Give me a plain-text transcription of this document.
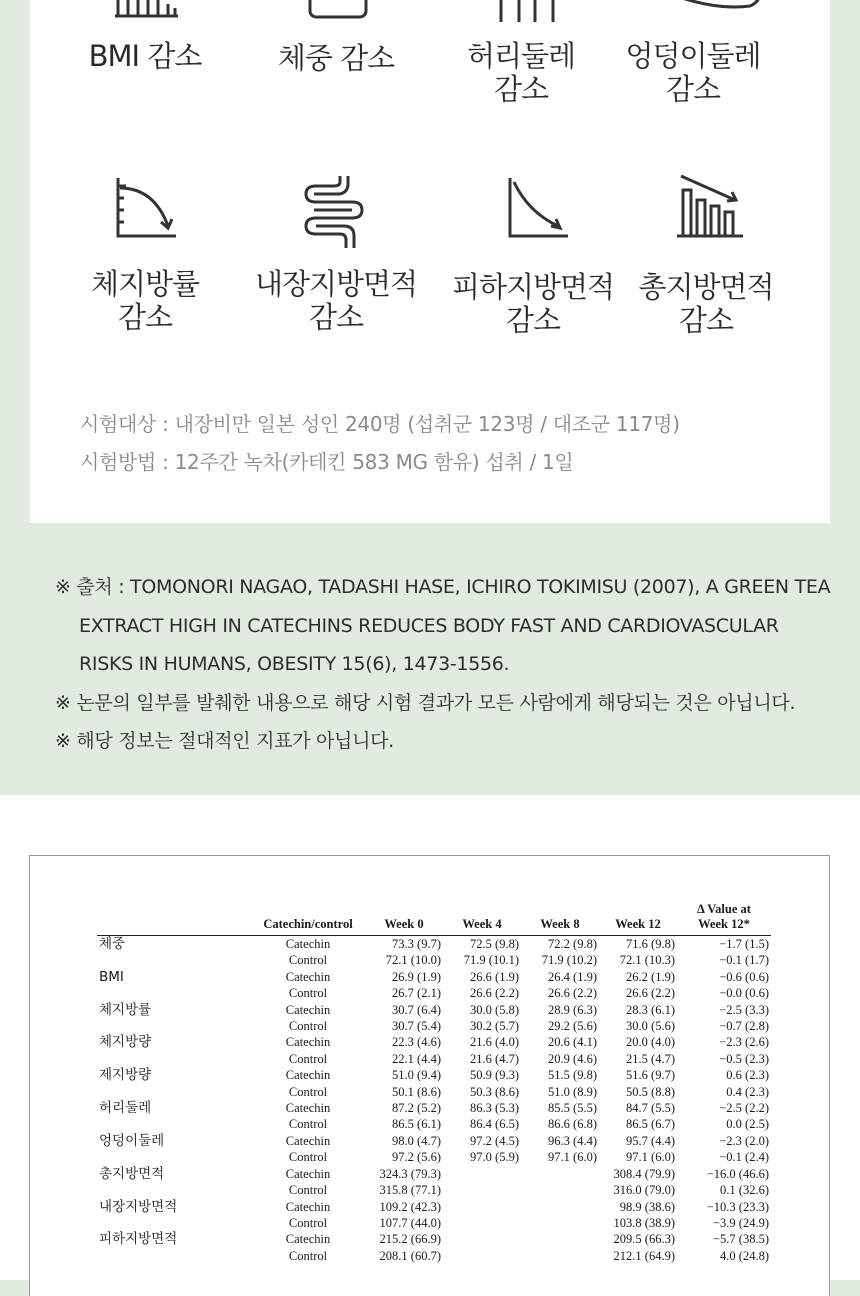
BMI 감소	체중 감소	허리둘레
감소
엉덩이둘레
감소
체지방률
감소
내장지방면적
감소
피하지방면적
감소
총지방면적
감소
시험대상 : 내장비만 일본 성인 240명 (섭취군 123명 / 대조군 117명)
시험방법 : 12주간 녹차(카테킨 583 MG 함유) 섭취 / 1일
※ 출처 : TOMONORI NAGAO, TADASHI HASE, ICHIRO TOKIMISU (2007), A GREEN TEA EXTRACT HIGH IN CATECHINS REDUCES BODY FAST AND CARDIOVASCULAR RISKS IN HUMANS, OBESITY 15(6), 1473-1556.
※ 논문의 일부를 발췌한 내용으로 해당 시험 결과가 모든 사람에게 해당되는 것은 아닙니다.
※ 해당 정보는 절대적인 지표가 아닙니다.
	Catechin/control	Week 0	Week 4	Week 8	Week 12	Δ Value at
Week 12*
체중	Catechin	73.3 (9.7)	72.5 (9.8)	72.2 (9.8)	71.6 (9.8)	−1.7 (1.5)
	Control	72.1 (10.0)	71.9 (10.1)	71.9 (10.2)	72.1 (10.3)	−0.1 (1.7)
BMI	Catechin	26.9 (1.9)	26.6 (1.9)	26.4 (1.9)	26.2 (1.9)	−0.6 (0.6)
	Control	26.7 (2.1)	26.6 (2.2)	26.6 (2.2)	26.6 (2.2)	−0.0 (0.6)
체지방률	Catechin	30.7 (6.4)	30.0 (5.8)	28.9 (6.3)	28.3 (6.1)	−2.5 (3.3)
	Control	30.7 (5.4)	30.2 (5.7)	29.2 (5.6)	30.0 (5.6)	−0.7 (2.8)
체지방량	Catechin	22.3 (4.6)	21.6 (4.0)	20.6 (4.1)	20.0 (4.0)	−2.3 (2.6)
	Control	22.1 (4.4)	21.6 (4.7)	20.9 (4.6)	21.5 (4.7)	−0.5 (2.3)
제지방량	Catechin	51.0 (9.4)	50.9 (9.3)	51.5 (9.8)	51.6 (9.7)	0.6 (2.3)
	Control	50.1 (8.6)	50.3 (8.6)	51.0 (8.9)	50.5 (8.8)	0.4 (2.3)
허리둘레	Catechin	87.2 (5.2)	86.3 (5.3)	85.5 (5.5)	84.7 (5.5)	−2.5 (2.2)
	Control	86.5 (6.1)	86.4 (6.5)	86.6 (6.8)	86.5 (6.7)	0.0 (2.5)
엉덩이둘레	Catechin	98.0 (4.7)	97.2 (4.5)	96.3 (4.4)	95.7 (4.4)	−2.3 (2.0)
	Control	97.2 (5.6)	97.0 (5.9)	97.1 (6.0)	97.1 (6.0)	−0.1 (2.4)
총지방면적	Catechin	324.3 (79.3)			308.4 (79.9)	−16.0 (46.6)
	Control	315.8 (77.1)			316.0 (79.0)	0.1 (32.6)
내장지방면적	Catechin	109.2 (42.3)			98.9 (38.6)	−10.3 (23.3)
	Control	107.7 (44.0)			103.8 (38.9)	−3.9 (24.9)
피하지방면적	Catechin	215.2 (66.9)			209.5 (66.3)	−5.7 (38.5)
	Control	208.1 (60.7)			212.1 (64.9)	4.0 (24.8)
